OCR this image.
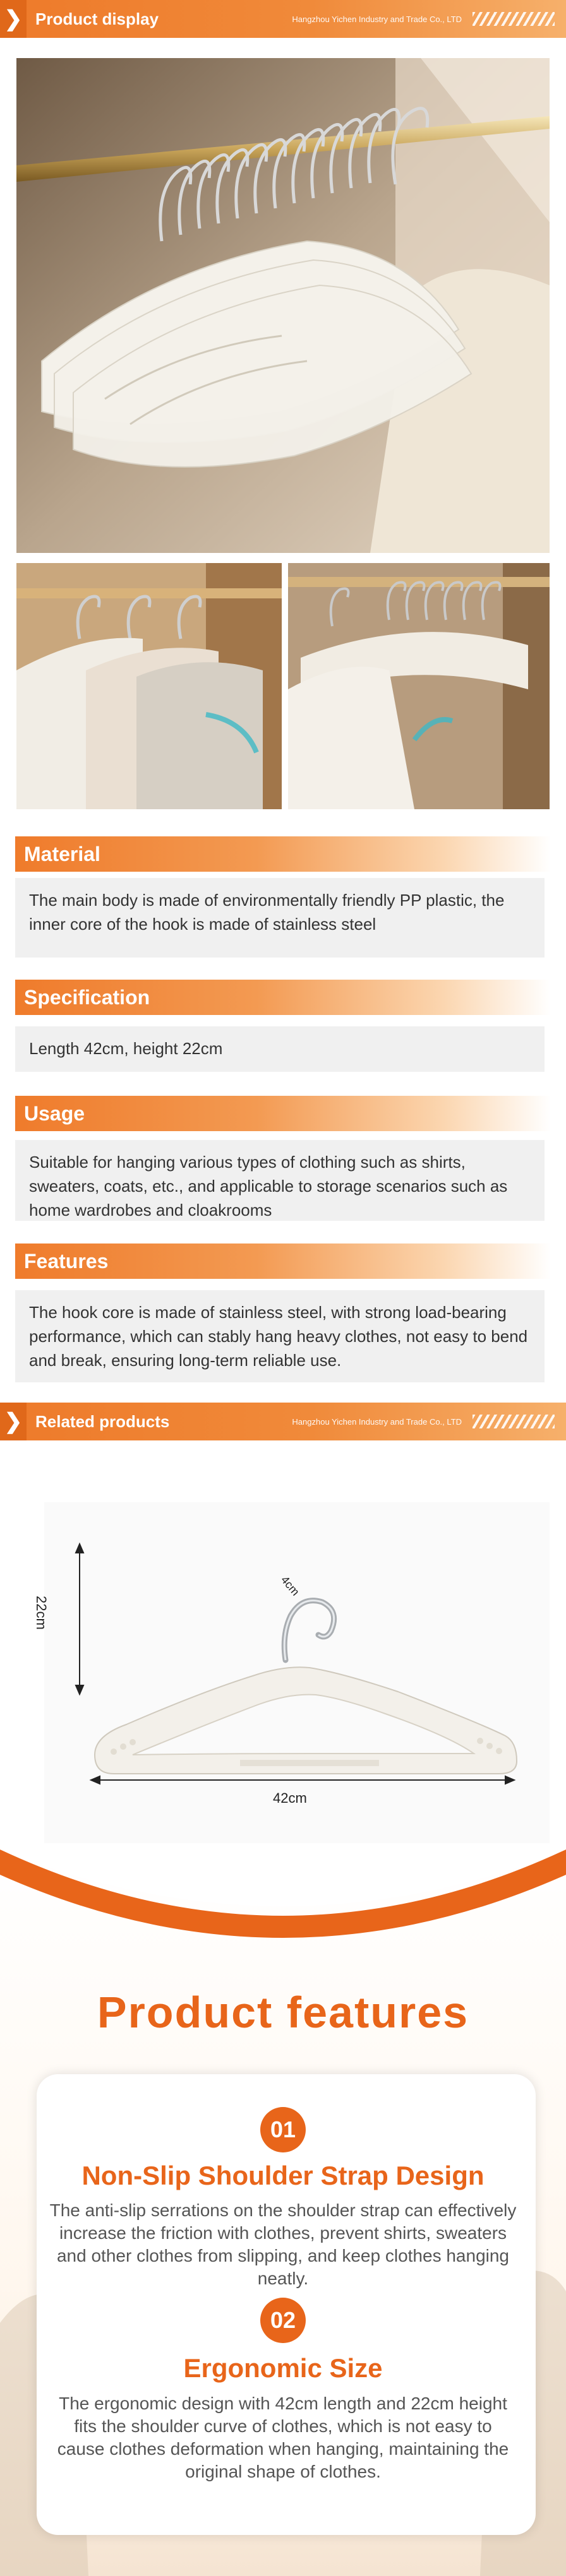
❯ Product display	Hangzhou Yichen Industry and Trade Co., LTD
Material
The main body is made of environmentally friendly PP plastic, the inner core of the hook is made of stainless steel
Specification
Length 42cm, height 22cm
Usage
Suitable for hanging various types of clothing such as shirts, sweaters, coats, etc., and applicable to storage scenarios such as home wardrobes and cloakrooms
Features
The hook core is made of stainless steel, with strong load-bearing performance, which can stably hang heavy clothes, not easy to bend and break, ensuring long-term reliable use.
❯ Related products	Hangzhou Yichen Industry and Trade Co., LTD
22cm
42cm
4cm
Product features
01
Non-Slip Shoulder Strap Design
The anti-slip serrations on the shoulder strap can effectively increase the friction with clothes, prevent shirts, sweaters and other clothes from slipping, and keep clothes hanging neatly.
02
Ergonomic Size
The ergonomic design with 42cm length and 22cm height fits the shoulder curve of clothes, which is not easy to cause clothes deformation when hanging, maintaining the original shape of clothes.
